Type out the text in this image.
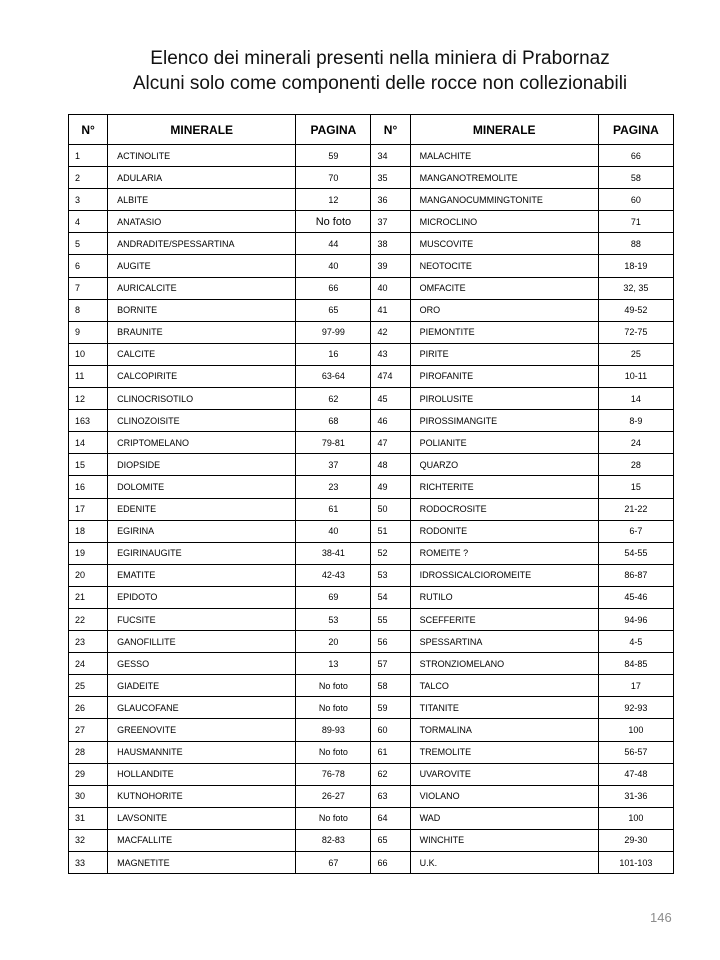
Elenco dei minerali presenti nella miniera di Prabornaz
Alcuni solo come componenti delle rocce non collezionabili
N°	MINERALE	PAGINA	N°	MINERALE	PAGINA
1	ACTINOLITE	59	34	MALACHITE	66
2	ADULARIA	70	35	MANGANOTREMOLITE	58
3	ALBITE	12	36	MANGANOCUMMINGTONITE	60
4	ANATASIO	No foto	37	MICROCLINO	71
5	ANDRADITE/SPESSARTINA	44	38	MUSCOVITE	88
6	AUGITE	40	39	NEOTOCITE	18-19
7	AURICALCITE	66	40	OMFACITE	32, 35
8	BORNITE	65	41	ORO	49-52
9	BRAUNITE	97-99	42	PIEMONTITE	72-75
10	CALCITE	16	43	PIRITE	25
11	CALCOPIRITE	63-64	474	PIROFANITE	10-11
12	CLINOCRISOTILO	62	45	PIROLUSITE	14
163	CLINOZOISITE	68	46	PIROSSIMANGITE	8-9
14	CRIPTOMELANO	79-81	47	POLIANITE	24
15	DIOPSIDE	37	48	QUARZO	28
16	DOLOMITE	23	49	RICHTERITE	15
17	EDENITE	61	50	RODOCROSITE	21-22
18	EGIRINA	40	51	RODONITE	6-7
19	EGIRINAUGITE	38-41	52	ROMEITE ?	54-55
20	EMATITE	42-43	53	IDROSSICALCIOROMEITE	86-87
21	EPIDOTO	69	54	RUTILO	45-46
22	FUCSITE	53	55	SCEFFERITE	94-96
23	GANOFILLITE	20	56	SPESSARTINA	4-5
24	GESSO	13	57	STRONZIOMELANO	84-85
25	GIADEITE	No foto	58	TALCO	17
26	GLAUCOFANE	No foto	59	TITANITE	92-93
27	GREENOVITE	89-93	60	TORMALINA	100
28	HAUSMANNITE	No foto	61	TREMOLITE	56-57
29	HOLLANDITE	76-78	62	UVAROVITE	47-48
30	KUTNOHORITE	26-27	63	VIOLANO	31-36
31	LAVSONITE	No foto	64	WAD	100
32	MACFALLITE	82-83	65	WINCHITE	29-30
33	MAGNETITE	67	66	U.K.	101-103
146
